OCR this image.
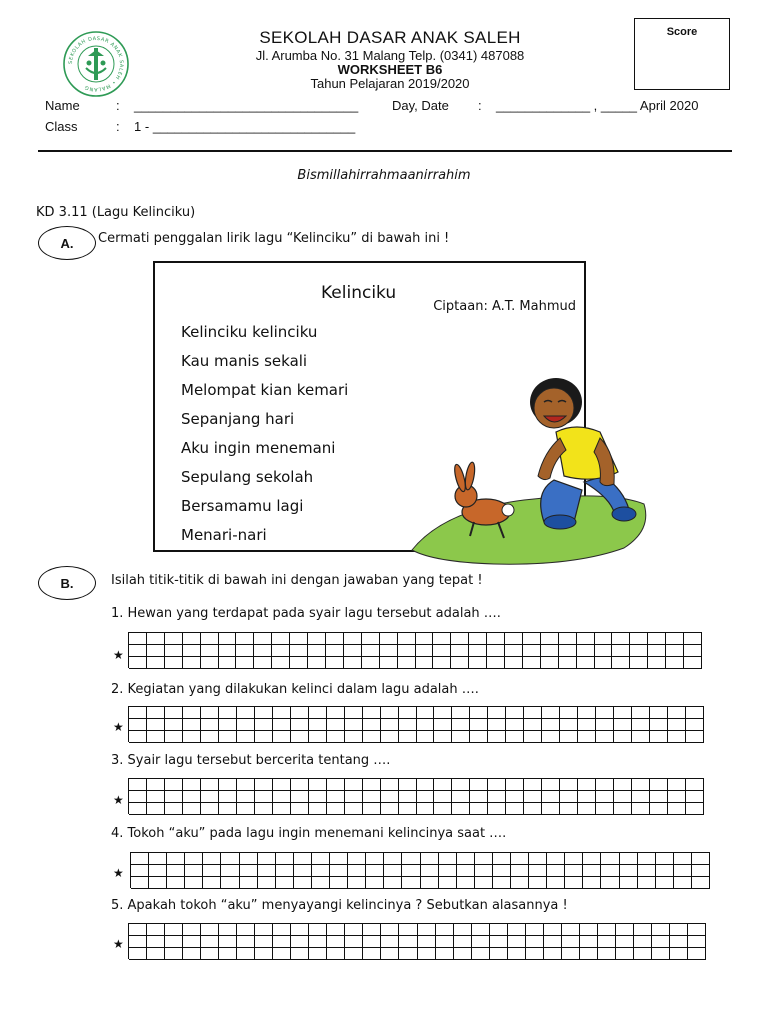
SEKOLAH DASAR ANAK SALEH • MALANG
SEKOLAH DASAR ANAK SALEH
Jl. Arumba No. 31 Malang Telp. (0341) 487088
WORKSHEET B6
Tahun Pelajaran 2019/2020
Score
Name	:    _______________________________	Day, Date :    _____________ , _____ April 2020
Class	:    1 - ____________________________
Bismillahirrahmaanirrahim
KD 3.11 (Lagu Kelinciku)
A.	Cermati penggalan lirik lagu “Kelinciku” di bawah ini !
Kelinciku
Ciptaan: A.T. Mahmud
Kelinciku kelinciku
Kau manis sekali
Melompat kian kemari
Sepanjang hari
Aku ingin menemani
Sepulang sekolah
Bersamamu lagi
Menari-nari
B.	Isilah titik-titik di bawah ini dengan jawaban yang tepat !
1. Hewan yang terdapat pada syair lagu tersebut adalah ….
★
2. Kegiatan yang dilakukan kelinci dalam lagu adalah ….
★
3. Syair lagu tersebut bercerita tentang ….
★
4. Tokoh “aku” pada lagu ingin menemani kelincinya saat ….
★
5. Apakah tokoh “aku” menyayangi kelincinya ? Sebutkan alasannya !
★
